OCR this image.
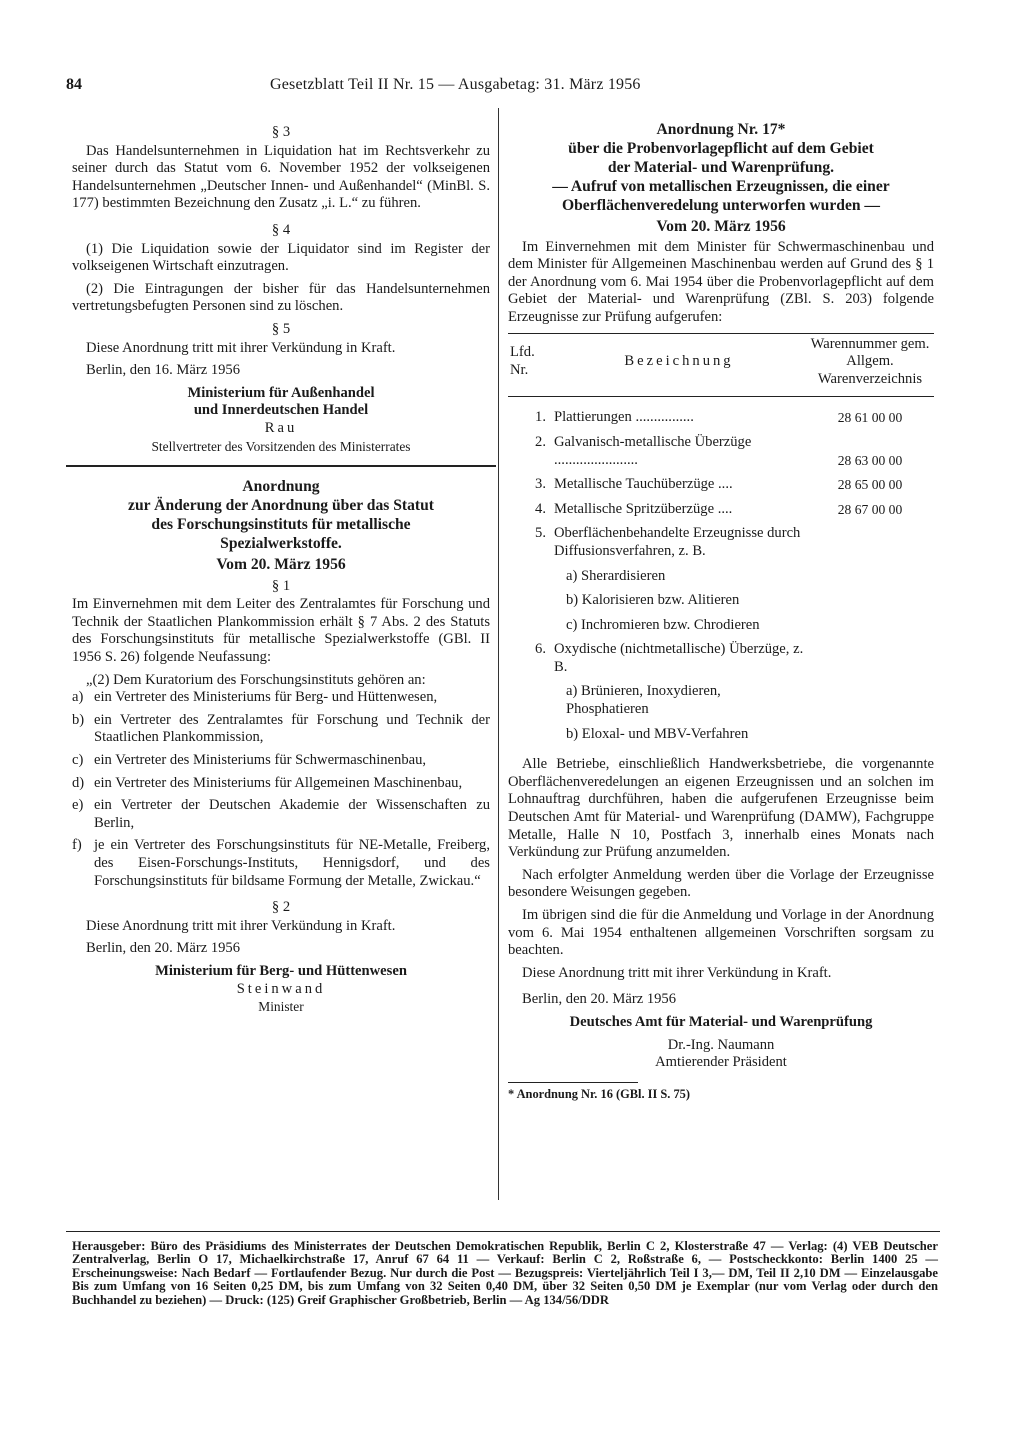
84	Gesetzblatt Teil II Nr. 15 — Ausgabetag: 31. März 1956
§ 3

Das Handelsunternehmen in Liquidation hat im Rechtsverkehr zu seiner durch das Statut vom 6. November 1952 der volkseigenen Handelsunternehmen „Deutscher Innen- und Außenhandel“ (MinBl. S. 177) bestimmten Bezeichnung den Zusatz „i. L.“ zu führen.

§ 4

(1) Die Liquidation sowie der Liquidator sind im Register der volkseigenen Wirtschaft einzutragen.

(2) Die Eintragungen der bisher für das Handelsunternehmen vertretungsbefugten Personen sind zu löschen.

§ 5

Diese Anordnung tritt mit ihrer Verkündung in Kraft.

Berlin, den 16. März 1956

Ministerium für Außenhandel
und Innerdeutschen Handel
Rau
Stellvertreter des Vorsitzenden des Ministerrates
Anordnung
zur Änderung der Anordnung über das Statut
des Forschungsinstituts für metallische
Spezialwerkstoffe.
Vom 20. März 1956
§ 1

Im Einvernehmen mit dem Leiter des Zentralamtes für Forschung und Technik der Staatlichen Plankommission erhält § 7 Abs. 2 des Statuts des Forschungsinstituts für metallische Spezialwerkstoffe (GBl. II 1956 S. 26) folgende Neufassung:

„(2) Dem Kuratorium des Forschungsinstituts gehören an:

a) ein Vertreter des Ministeriums für Berg- und Hüttenwesen,
b) ein Vertreter des Zentralamtes für Forschung und Technik der Staatlichen Plankommission,
c) ein Vertreter des Ministeriums für Schwermaschinenbau,
d) ein Vertreter des Ministeriums für Allgemeinen Maschinenbau,
e) ein Vertreter der Deutschen Akademie der Wissenschaften zu Berlin,
f) je ein Vertreter des Forschungsinstituts für NE-Metalle, Freiberg, des Eisen-Forschungs-Instituts, Hennigsdorf, und des Forschungsinstituts für bildsame Formung der Metalle, Zwickau.“
§ 2

Diese Anordnung tritt mit ihrer Verkündung in Kraft.

Berlin, den 20. März 1956

Ministerium für Berg- und Hüttenwesen
Steinwand
Minister
Anordnung Nr. 17*
über die Probenvorlagepflicht auf dem Gebiet
der Material- und Warenprüfung.
— Aufruf von metallischen Erzeugnissen, die einer
Oberflächenveredelung unterworfen wurden —
Vom 20. März 1956

Im Einvernehmen mit dem Minister für Schwermaschinenbau und dem Minister für Allgemeinen Maschinenbau werden auf Grund des § 1 der Anordnung vom 6. Mai 1954 über die Probenvorlagepflicht auf dem Gebiet der Material- und Warenprüfung (ZBl. S. 203) folgende Erzeugnisse zur Prüfung aufgerufen:

Lfd. Nr.	Bezeichnung	Warennummer gem. Allgem. Warenverzeichnis
1.	Plattierungen ................	28 61 00 00
2.	Galvanisch-metallische Überzüge .......................	28 63 00 00
3.	Metallische Tauchüberzüge ....	28 65 00 00
4.	Metallische Spritzüberzüge ....	28 67 00 00
5.	Oberflächenbehandelte Erzeugnisse durch Diffusionsverfahren, z. B.	
	a) Sherardisieren	
	b) Kalorisieren bzw. Alitieren	
	c) Inchromieren bzw. Chrodieren	
6.	Oxydische (nichtmetallische) Überzüge, z. B.	
	a) Brünieren, Inoxydieren, Phosphatieren	
	b) Eloxal- und MBV-Verfahren	

Alle Betriebe, einschließlich Handwerksbetriebe, die vorgenannte Oberflächenveredelungen an eigenen Erzeugnissen und an solchen im Lohnauftrag durchführen, haben die aufgerufenen Erzeugnisse beim Deutschen Amt für Material- und Warenprüfung (DAMW), Fachgruppe Metalle, Halle N 10, Postfach 3, innerhalb eines Monats nach Verkündung zur Prüfung anzumelden.

Nach erfolgter Anmeldung werden über die Vorlage der Erzeugnisse besondere Weisungen gegeben.

Im übrigen sind die für die Anmeldung und Vorlage in der Anordnung vom 6. Mai 1954 enthaltenen allgemeinen Vorschriften sorgsam zu beachten.

Diese Anordnung tritt mit ihrer Verkündung in Kraft.

Berlin, den 20. März 1956

Deutsches Amt für Material- und Warenprüfung
Dr.-Ing. Naumann
Amtierender Präsident
* Anordnung Nr. 16 (GBl. II S. 75)
Herausgeber: Büro des Präsidiums des Ministerrates der Deutschen Demokratischen Republik, Berlin C 2, Klosterstraße 47 — Verlag: (4) VEB Deutscher Zentralverlag, Berlin O 17, Michaelkirchstraße 17, Anruf 67 64 11 — Verkauf: Berlin C 2, Roßstraße 6, — Postscheckkonto: Berlin 1400 25 — Erscheinungsweise: Nach Bedarf — Fortlaufender Bezug. Nur durch die Post — Bezugspreis: Vierteljährlich Teil I 3,— DM, Teil II 2,10 DM — Einzelausgabe Bis zum Umfang von 16 Seiten 0,25 DM, bis zum Umfang von 32 Seiten 0,40 DM, über 32 Seiten 0,50 DM je Exemplar (nur vom Verlag oder durch den Buchhandel zu beziehen) — Druck: (125) Greif Graphischer Großbetrieb, Berlin — Ag 134/56/DDR
